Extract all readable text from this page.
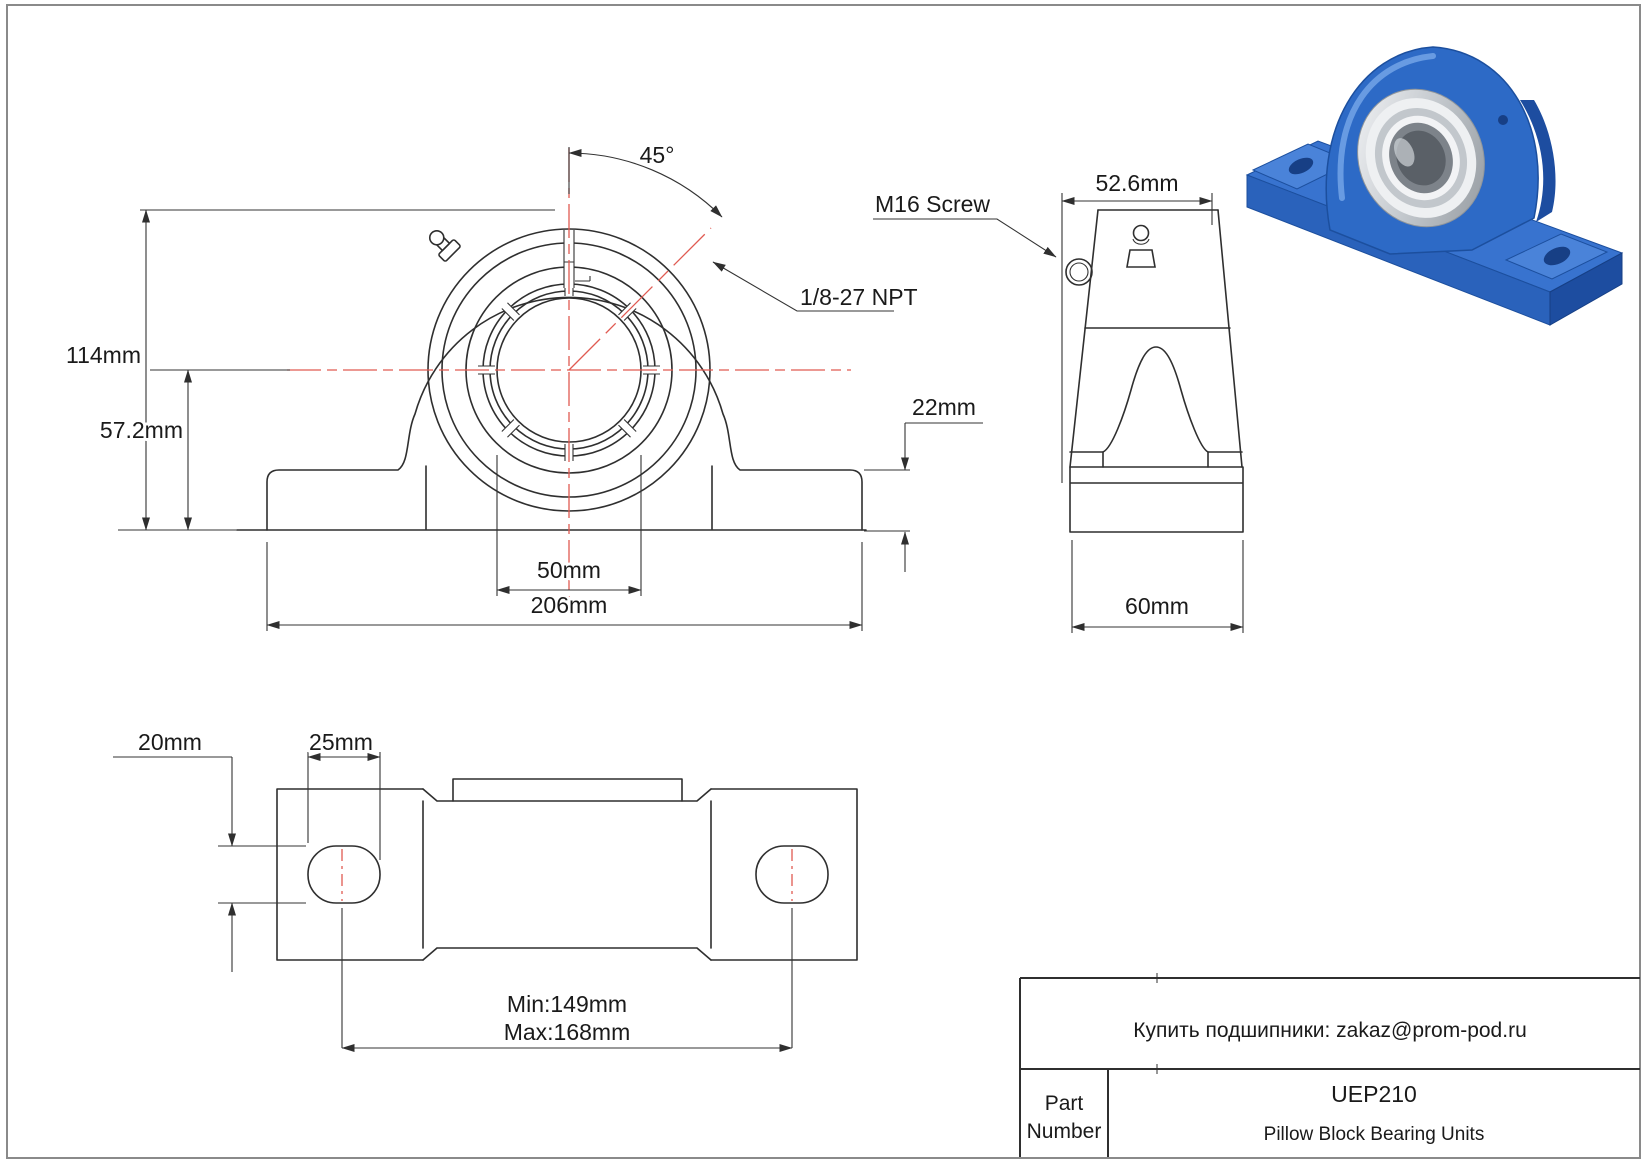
45°
114mm
57.2mm
50mm
206mm
1/8-27 NPT
M16 Screw
52.6mm
22mm
60mm
25mm
20mm
Min:149mm
Max:168mm	Купить подшипники: zakaz@prom-pod.ru
Part
Number
UEP210
Pillow Block Bearing Units
